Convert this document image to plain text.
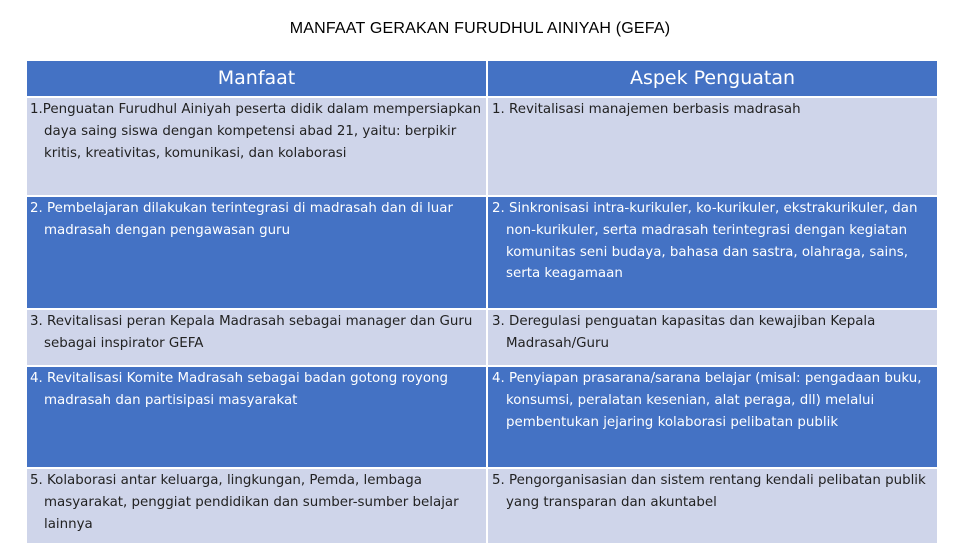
MANFAAT GERAKAN FURUDHUL AINIYAH (GEFA)
Manfaat	Aspek Penguatan
1.Penguatan Furudhul Ainiyah peserta didik dalam mempersiapkan daya saing siswa dengan kompetensi abad 21, yaitu: berpikir kritis, kreativitas, komunikasi, dan kolaborasi
1. Revitalisasi manajemen berbasis madrasah
2. Pembelajaran dilakukan terintegrasi di madrasah dan di luar madrasah dengan pengawasan guru
2. Sinkronisasi intra-kurikuler, ko-kurikuler, ekstrakurikuler, dan non-kurikuler, serta madrasah terintegrasi dengan kegiatan komunitas seni budaya, bahasa dan sastra, olahraga, sains, serta keagamaan
3. Revitalisasi peran Kepala Madrasah sebagai manager dan Guru sebagai inspirator GEFA
3. Deregulasi penguatan kapasitas dan kewajiban Kepala Madrasah/Guru
4. Revitalisasi Komite Madrasah sebagai badan gotong royong madrasah dan partisipasi masyarakat
4. Penyiapan prasarana/sarana belajar (misal: pengadaan buku, konsumsi, peralatan kesenian, alat peraga, dll) melalui pembentukan jejaring kolaborasi pelibatan publik
5. Kolaborasi antar keluarga, lingkungan, Pemda, lembaga masyarakat, penggiat pendidikan dan sumber-sumber belajar lainnya
5. Pengorganisasian dan sistem rentang kendali pelibatan publik yang transparan dan akuntabel
